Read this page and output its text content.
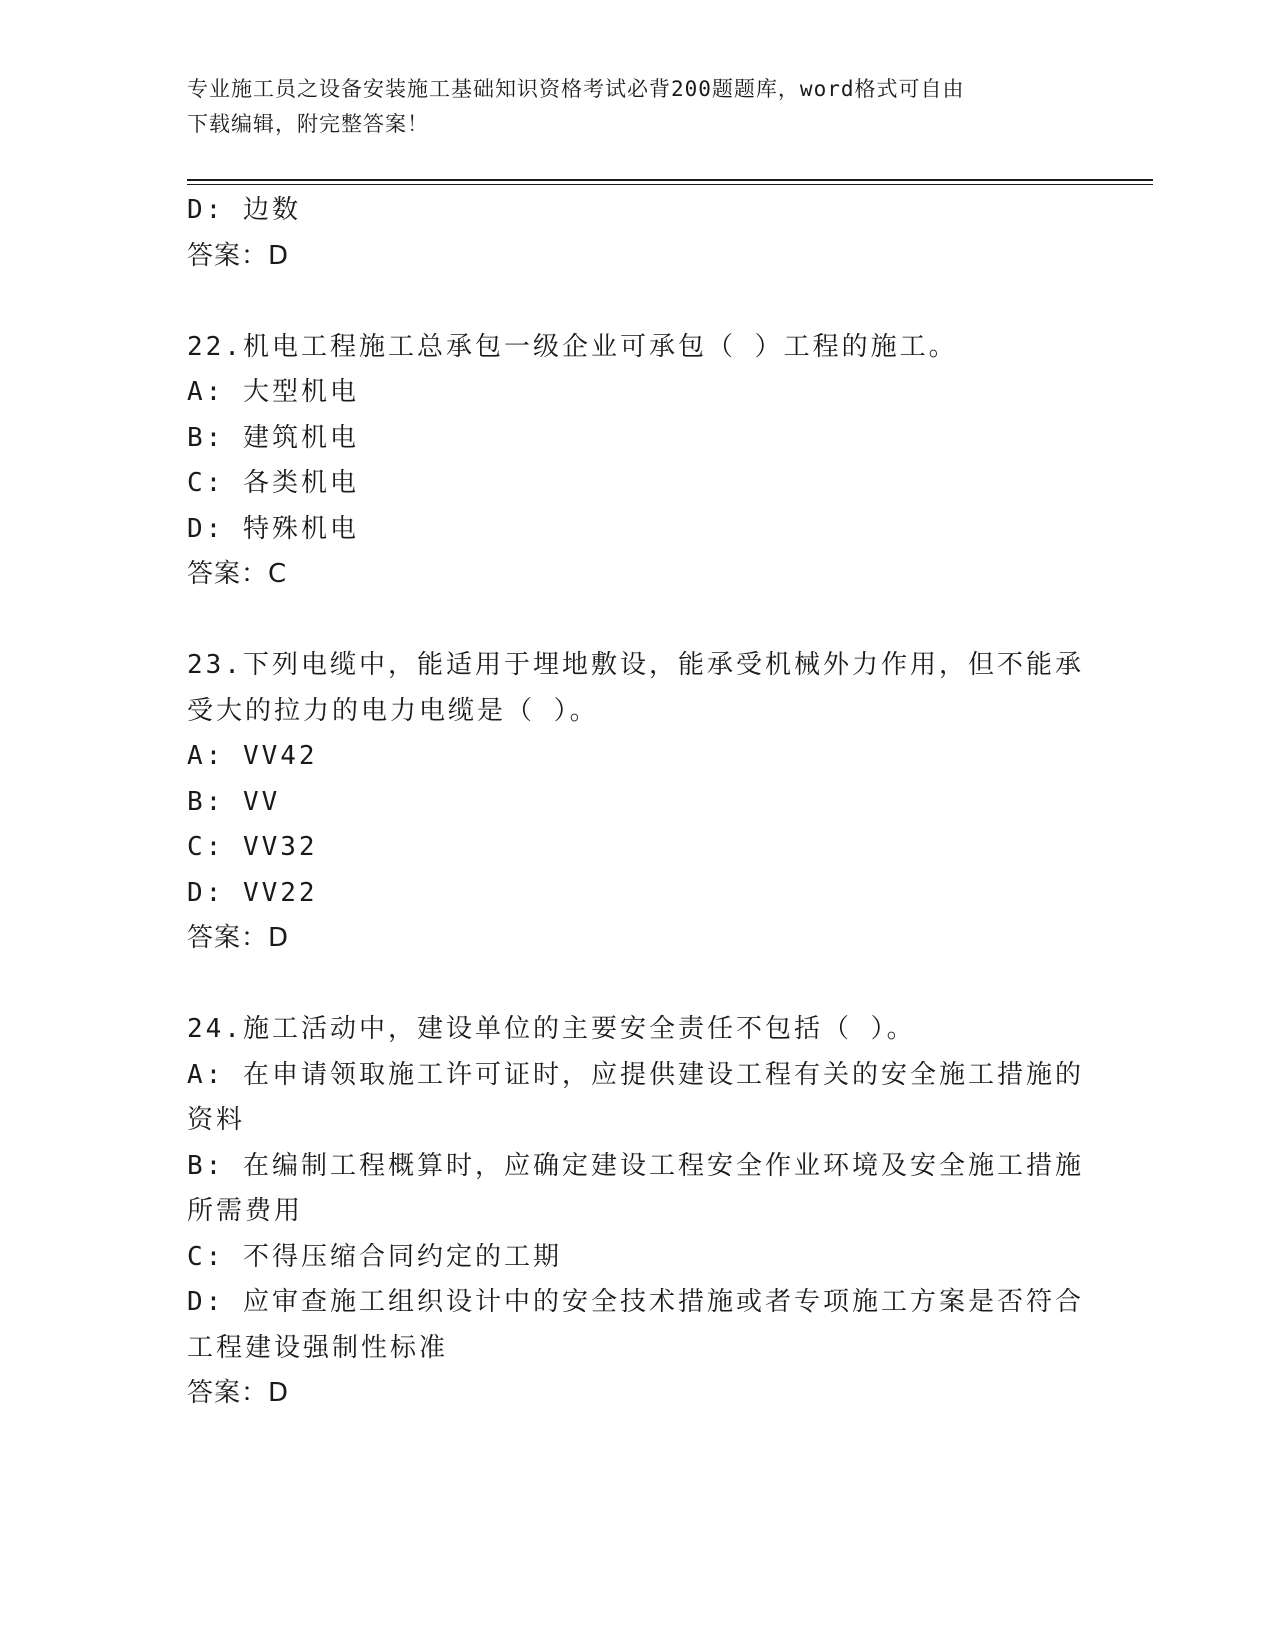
专业施工员之设备安装施工基础知识资格考试必背200题题库，word格式可自由
下载编辑，附完整答案！
D: 边数
答案：D
22.机电工程施工总承包一级企业可承包（ ）工程的施工。
A: 大型机电
B: 建筑机电
C: 各类机电
D: 特殊机电
答案：C
23.下列电缆中，能适用于埋地敷设，能承受机械外力作用，但不能承
受大的拉力的电力电缆是（ ）。
A: VV42
B: VV
C: VV32
D: VV22
答案：D
24.施工活动中，建设单位的主要安全责任不包括（ ）。
A: 在申请领取施工许可证时，应提供建设工程有关的安全施工措施的
资料
B: 在编制工程概算时，应确定建设工程安全作业环境及安全施工措施
所需费用
C: 不得压缩合同约定的工期
D: 应审查施工组织设计中的安全技术措施或者专项施工方案是否符合
工程建设强制性标准
答案：D
